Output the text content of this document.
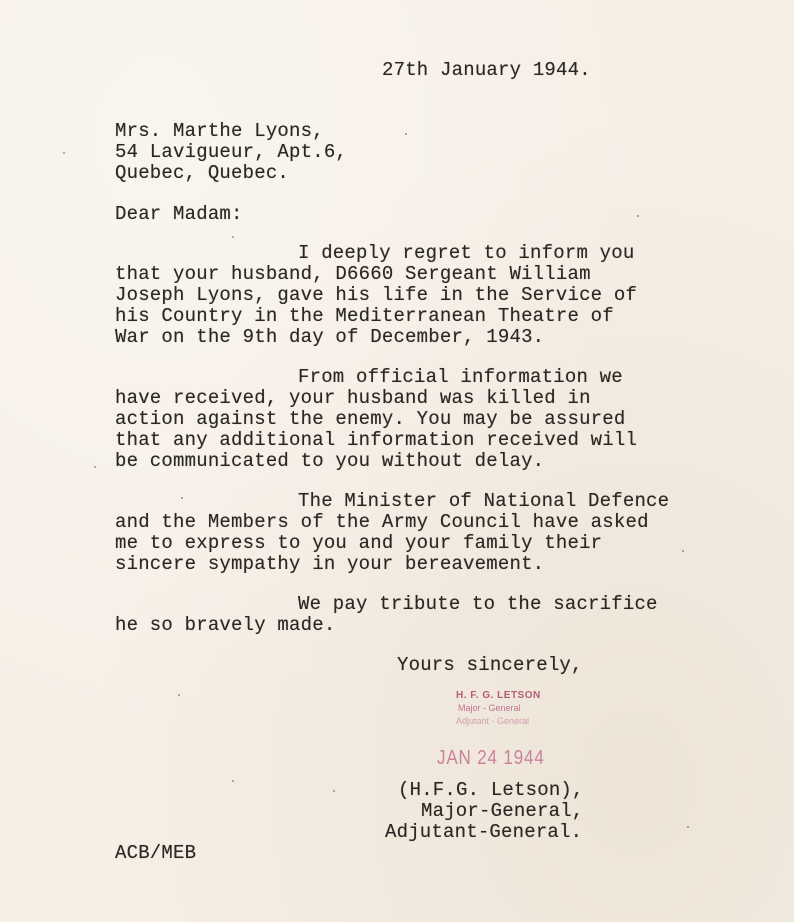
27th January 1944.
Mrs. Marthe Lyons,
54 Lavigueur, Apt.6,
Quebec, Quebec.
Dear Madam:
I deeply regret to inform you
that your husband, D6660 Sergeant William
Joseph Lyons, gave his life in the Service of
his Country in the Mediterranean Theatre of
War on the 9th day of December, 1943.
From official information we
have received, your husband was killed in
action against the enemy. You may be assured
that any additional information received will
be communicated to you without delay.
The Minister of National Defence
and the Members of the Army Council have asked
me to express to you and your family their
sincere sympathy in your bereavement.
We pay tribute to the sacrifice
he so bravely made.
Yours sincerely,
H. F. G. LETSON
Major - General
Adjutant - General
JAN 24 1944
(H.F.G. Letson),
Major-General,
Adjutant-General.
ACB/MEB
